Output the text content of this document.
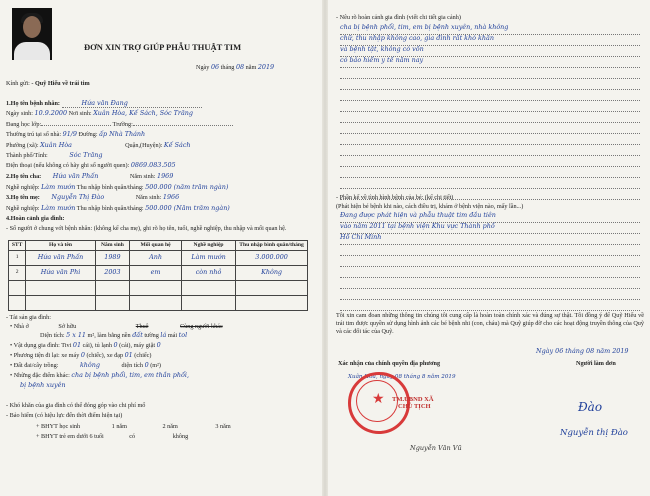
ĐƠN XIN TRỢ GIÚP PHẪU THUẬT TIM
Ngày 06 tháng 08 năm 2019
Kính gửi: - Quỹ Hiếu về trái tim
1.Họ tên bệnh nhân:	Hứa văn Đang
Ngày sinh: 10.9.2000 Nơi sinh: Xuân Hòa, Kế Sách, Sóc Trăng
Đang học lớp:	Trường:
Thường trú tại số nhà: 91/9 Đường: ấp Nhà Thánh
Phường (xã): Xuân Hòa	Quận,(Huyện): Kế Sách
Thành phố/Tỉnh:	Sóc Trăng
Điện thoại (nếu không có hãy ghi số người quen): 0869.083.505
2.Họ tên cha: Hứa văn Phấn	Năm sinh: 1969
Nghề nghiệp: Làm mướn Thu nhập bình quân/tháng: 500.000 (năm trăm ngàn)
3.Họ tên mẹ: Nguyễn Thị Đào	Năm sinh: 1966
Nghề nghiệp: Làm mướn Thu nhập bình quân/tháng: 500.000 (Năm trăm ngàn)
4.Hoàn cảnh gia đình:
- Số người ở chung với bệnh nhân: (không kể cha mẹ), ghi rõ họ tên, tuổi, nghề nghiệp, thu nhập và mối quan hệ.
STT	Họ và tên	Năm sinh	Mối quan hệ	Nghề nghiệp	Thu nhập bình quân/tháng
1	Hứa văn Phấn	1989	Anh	Làm mướn	3.000.000
2	Hứa văn Phi	2003	em	còn nhỏ	Không

- Tài sản gia đình:
• Nhà ở	Sở hữu	Thuê	Cùng người khác
Diện tích: 5 x 11 m², làm bằng nền đất tường lá mái tol
• Vật dụng gia đình: Tivi 01 cái), tủ lạnh 0 (cái), máy giặt 0
• Phương tiện đi lại: xe máy 0 (chiếc), xe đạp 01 (chiếc)
• Đất đai/cây trồng:	không	diện tích 0 (m²)
• Những đặc điểm khác: cha bị bệnh phổi, tim, em thần phổi,
bị bệnh xuyên
- Khó khăn của gia đình có thể đóng góp vào chi phí mổ
- Bảo hiểm (có hiệu lực đến thời điểm hiện tại)
+ BHYT học sinh	1 năm	2 năm	3 năm
+ BHYT trẻ em dưới 6 tuổi	có	không
- Nêu rõ hoàn cảnh gia đình (viết chi tiết gia cảnh)
cha bị bệnh phổi, tim, em bị bệnh xuyên, nhà không
chữ, thu nhập không cao, gia đình rất khó khăn
và bệnh tật, không có vốn
có bảo hiểm y tế năm nay
- Phần kể về tình hình bệnh của bé: (kể chi tiết)
(Phát hiện bé bệnh khi nào, cách điều trị, khám ở bệnh viện nào, mấy lần...)
Đang được phát hiện và phẫu thuật tim đầu tiên
vào năm 2011 tại bệnh viện Khu vực Thành phố
Hồ Chí Minh
Tôi xin cam đoan những thông tin chúng tôi cung cấp là hoàn toàn chính xác và đúng sự thật. Tôi đồng ý để Quỹ Hiếu về trái tim được quyền sử dụng hình ảnh các bé bệnh nhi (con, cháu) mà Quỹ giúp đỡ cho các hoạt động truyền thông của Quỹ và các đối tác của Quỹ.
Ngày 06 tháng 08 năm 2019
Xác nhận của chính quyền địa phương	Người làm đơn
Xuân Hòa, ngày 08 tháng 8 năm 2019
Đào
Nguyễn thị Đào
Nguyễn Văn Vũ
★ TM.UBND XÃ
CHỦ TỊCH
